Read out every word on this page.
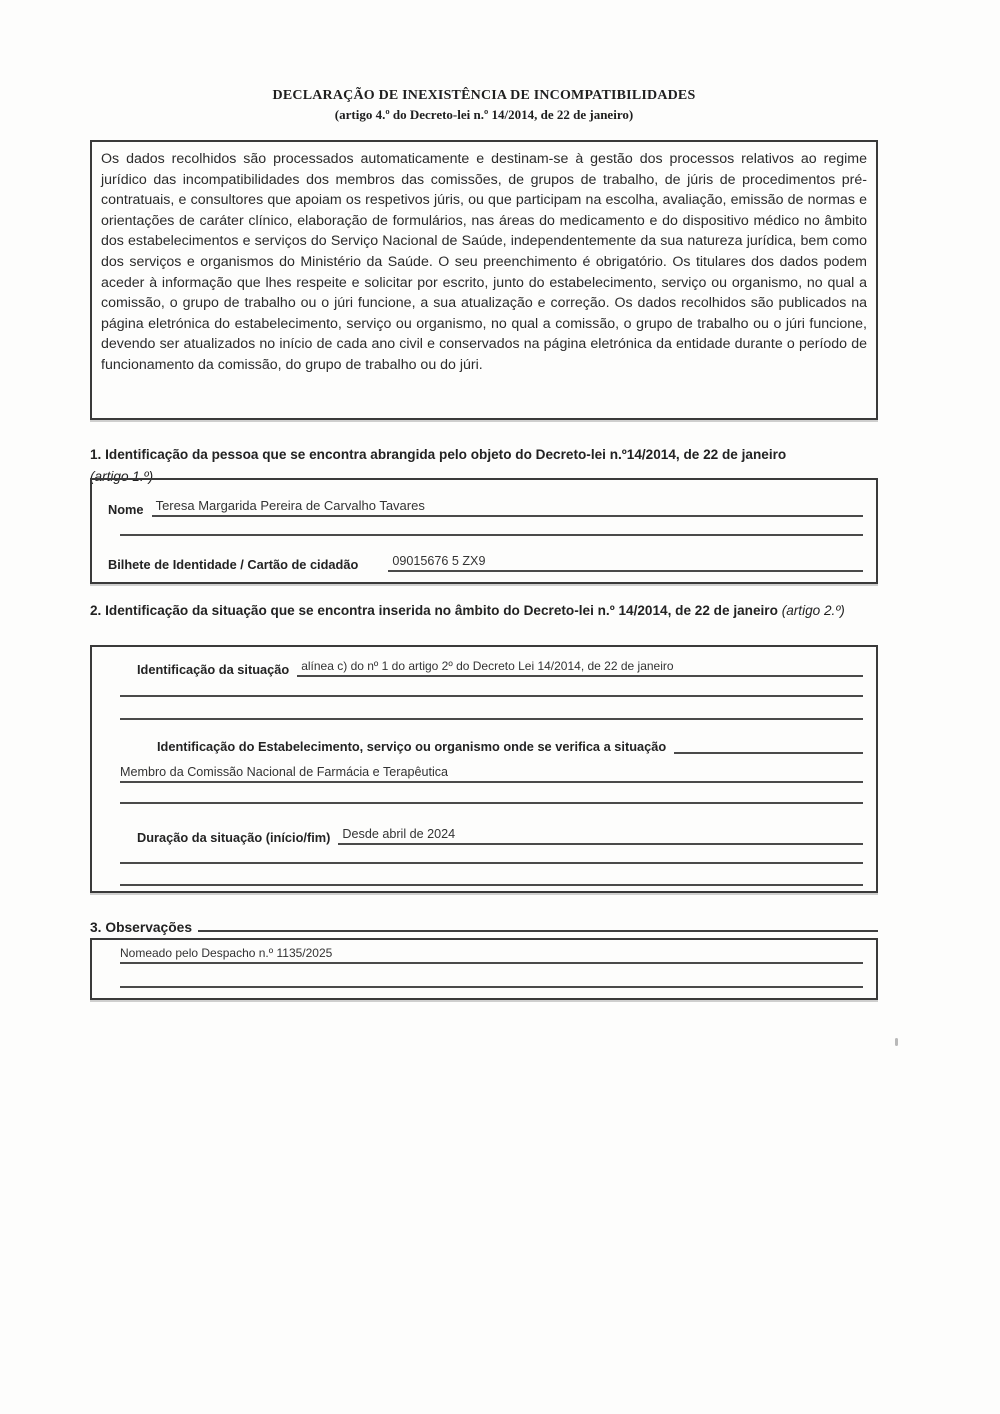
DECLARAÇÃO DE INEXISTÊNCIA DE INCOMPATIBILIDADES
(artigo 4.º do Decreto-lei n.º 14/2014, de 22 de janeiro)
Os dados recolhidos são processados automaticamente e destinam-se à gestão dos processos relativos ao regime jurídico das incompatibilidades dos membros das comissões, de grupos de trabalho, de júris de procedimentos pré-contratuais, e consultores que apoiam os respetivos júris, ou que participam na escolha, avaliação, emissão de normas e orientações de caráter clínico, elaboração de formulários, nas áreas do medicamento e do dispositivo médico no âmbito dos estabelecimentos e serviços do Serviço Nacional de Saúde, independentemente da sua natureza jurídica, bem como dos serviços e organismos do Ministério da Saúde. O seu preenchimento é obrigatório. Os titulares dos dados podem aceder à informação que lhes respeite e solicitar por escrito, junto do estabelecimento, serviço ou organismo, no qual a comissão, o grupo de trabalho ou o júri funcione, a sua atualização e correção. Os dados recolhidos são publicados na página eletrónica do estabelecimento, serviço ou organismo, no qual a comissão, o grupo de trabalho ou o júri funcione, devendo ser atualizados no início de cada ano civil e conservados na página eletrónica da entidade durante o período de funcionamento da comissão, do grupo de trabalho ou do júri.
1. Identificação da pessoa que se encontra abrangida pelo objeto do Decreto-lei n.º14/2014, de 22 de janeiro
(artigo 1.º)
Nome Teresa Margarida Pereira de Carvalho Tavares
Bilhete de Identidade / Cartão de cidadão	09015676 5 ZX9
2. Identificação da situação que se encontra inserida no âmbito do Decreto-lei n.º 14/2014, de 22 de janeiro (artigo 2.º)
Identificação da situação	alínea c) do nº 1 do artigo 2º do Decreto Lei 14/2014, de 22 de janeiro
Identificação do Estabelecimento, serviço ou organismo onde se verifica a situação
Membro da Comissão Nacional de Farmácia e Terapêutica
Duração da situação (início/fim) Desde abril de 2024
3. Observações
Nomeado pelo Despacho n.º 1135/2025
